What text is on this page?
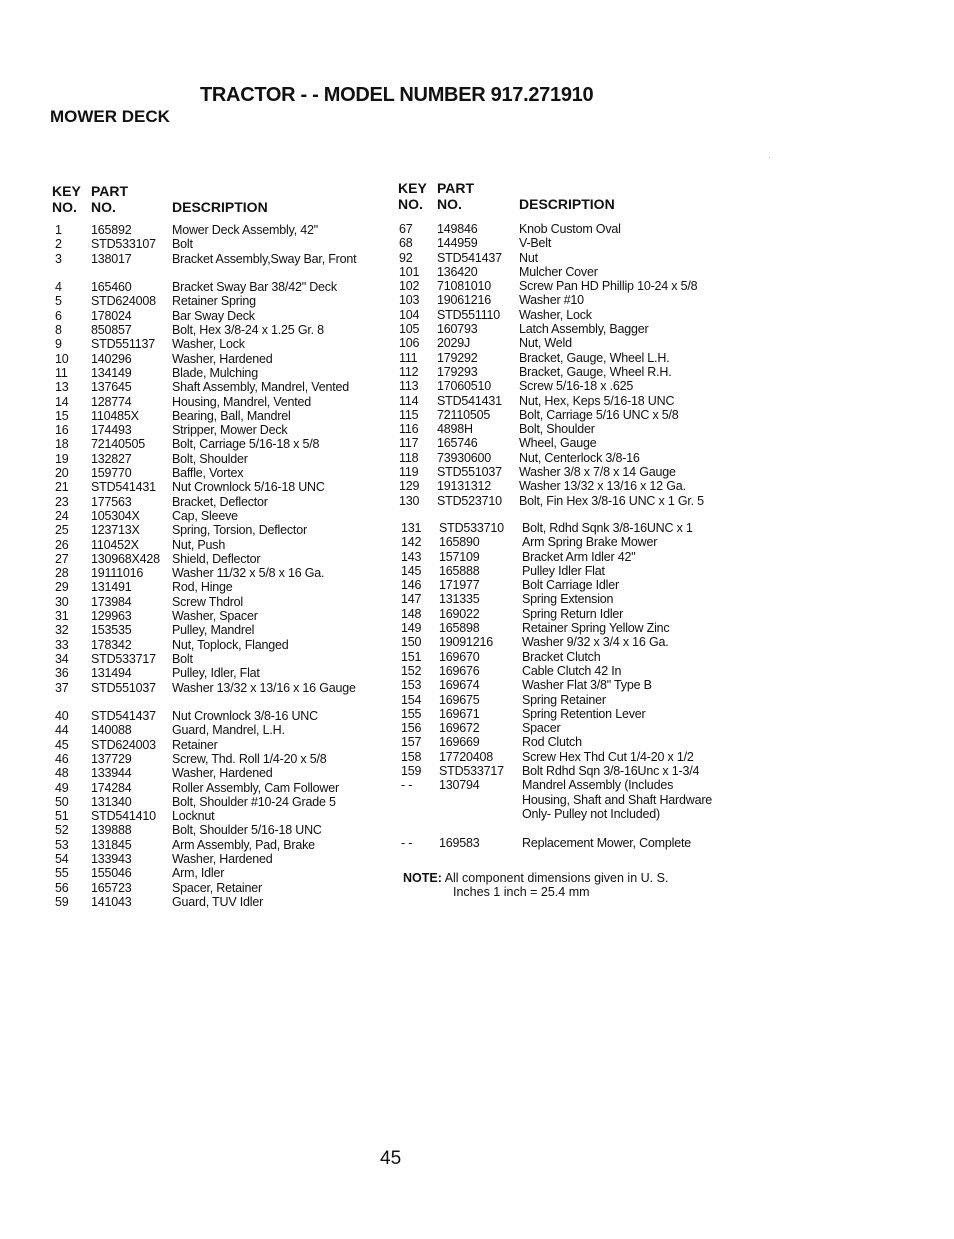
TRACTOR - - MODEL NUMBER 917.271910
MOWER DECK
KEY
NO.
PART
NO.	DESCRIPTION
KEY
NO.
PART
NO.	DESCRIPTION
1 165892	Mower Deck Assembly, 42"
2 STD533107 Bolt
3 138017	Bracket Assembly,Sway Bar, Front
4 165460	Bracket Sway Bar 38/42" Deck
5 STD624008 Retainer Spring
6 178024	Bar Sway Deck
8 850857	Bolt, Hex 3/8-24 x 1.25 Gr. 8
9 STD551137 Washer, Lock
10 140296	Washer, Hardened
11 134149	Blade, Mulching
13 137645	Shaft Assembly, Mandrel, Vented
14 128774	Housing, Mandrel, Vented
15 110485X	Bearing, Ball, Mandrel
16 174493	Stripper, Mower Deck
18 72140505 Bolt, Carriage 5/16-18 x 5/8
19 132827	Bolt, Shoulder
20 159770	Baffle, Vortex
21 STD541431 Nut Crownlock 5/16-18 UNC
23 177563	Bracket, Deflector
24 105304X	Cap, Sleeve
25 123713X	Spring, Torsion, Deflector
26 110452X	Nut, Push
27 130968X428 Shield, Deflector
28 19111016 Washer 11/32 x 5/8 x 16 Ga.
29 131491	Rod, Hinge
30 173984	Screw Thdrol
31 129963	Washer, Spacer
32 153535	Pulley, Mandrel
33 178342	Nut, Toplock, Flanged
34 STD533717 Bolt
36 131494	Pulley, Idler, Flat
37 STD551037 Washer 13/32 x 13/16 x 16 Gauge
40 STD541437 Nut Crownlock 3/8-16 UNC
44 140088	Guard, Mandrel, L.H.
45 STD624003 Retainer
46 137729	Screw, Thd. Roll 1/4-20 x 5/8
48 133944	Washer, Hardened
49 174284	Roller Assembly, Cam Follower
50 131340	Bolt, Shoulder #10-24 Grade 5
51 STD541410 Locknut
52 139888	Bolt, Shoulder 5/16-18 UNC
53 131845	Arm Assembly, Pad, Brake
54 133943	Washer, Hardened
55 155046	Arm, Idler
56 165723	Spacer, Retainer
59 141043	Guard, TUV Idler
67 149846	Knob Custom Oval
68 144959	V-Belt
92 STD541437 Nut
101 136420	Mulcher Cover
102 71081010 Screw Pan HD Phillip 10-24 x 5/8
103 19061216 Washer #10
104 STD551110 Washer, Lock
105 160793	Latch Assembly, Bagger
106 2029J	Nut, Weld
111 179292	Bracket, Gauge, Wheel L.H.
112 179293	Bracket, Gauge, Wheel R.H.
113 17060510 Screw 5/16-18 x .625
114 STD541431 Nut, Hex, Keps 5/16-18 UNC
115 72110505 Bolt, Carriage 5/16 UNC x 5/8
116 4898H	Bolt, Shoulder
117 165746	Wheel, Gauge
118 73930600 Nut, Centerlock 3/8-16
119 STD551037 Washer 3/8 x 7/8 x 14 Gauge
129 19131312 Washer 13/32 x 13/16 x 12 Ga.
130 STD523710 Bolt, Fin Hex 3/8-16 UNC x 1 Gr. 5
131 STD533710 Bolt, Rdhd Sqnk 3/8-16UNC x 1
142 165890	Arm Spring Brake Mower
143 157109	Bracket Arm Idler 42"
145 165888	Pulley Idler Flat
146 171977	Bolt Carriage Idler
147 131335	Spring Extension
148 169022	Spring Return Idler
149 165898	Retainer Spring Yellow Zinc
150 19091216 Washer 9/32 x 3/4 x 16 Ga.
151 169670	Bracket Clutch
152 169676	Cable Clutch 42 In
153 169674	Washer Flat 3/8" Type B
154 169675	Spring Retainer
155 169671	Spring Retention Lever
156 169672	Spacer
157 169669	Rod Clutch
158 17720408 Screw Hex Thd Cut 1/4-20 x 1/2
159 STD533717 Bolt Rdhd Sqn 3/8-16Unc x 1-3/4
- - 130794	Mandrel Assembly (Includes Housing, Shaft and Shaft Hardware Only- Pulley not Included)
- - 169583	Replacement Mower, Complete
NOTE: All component dimensions given in U. S.
Inches 1 inch = 25.4 mm
45
